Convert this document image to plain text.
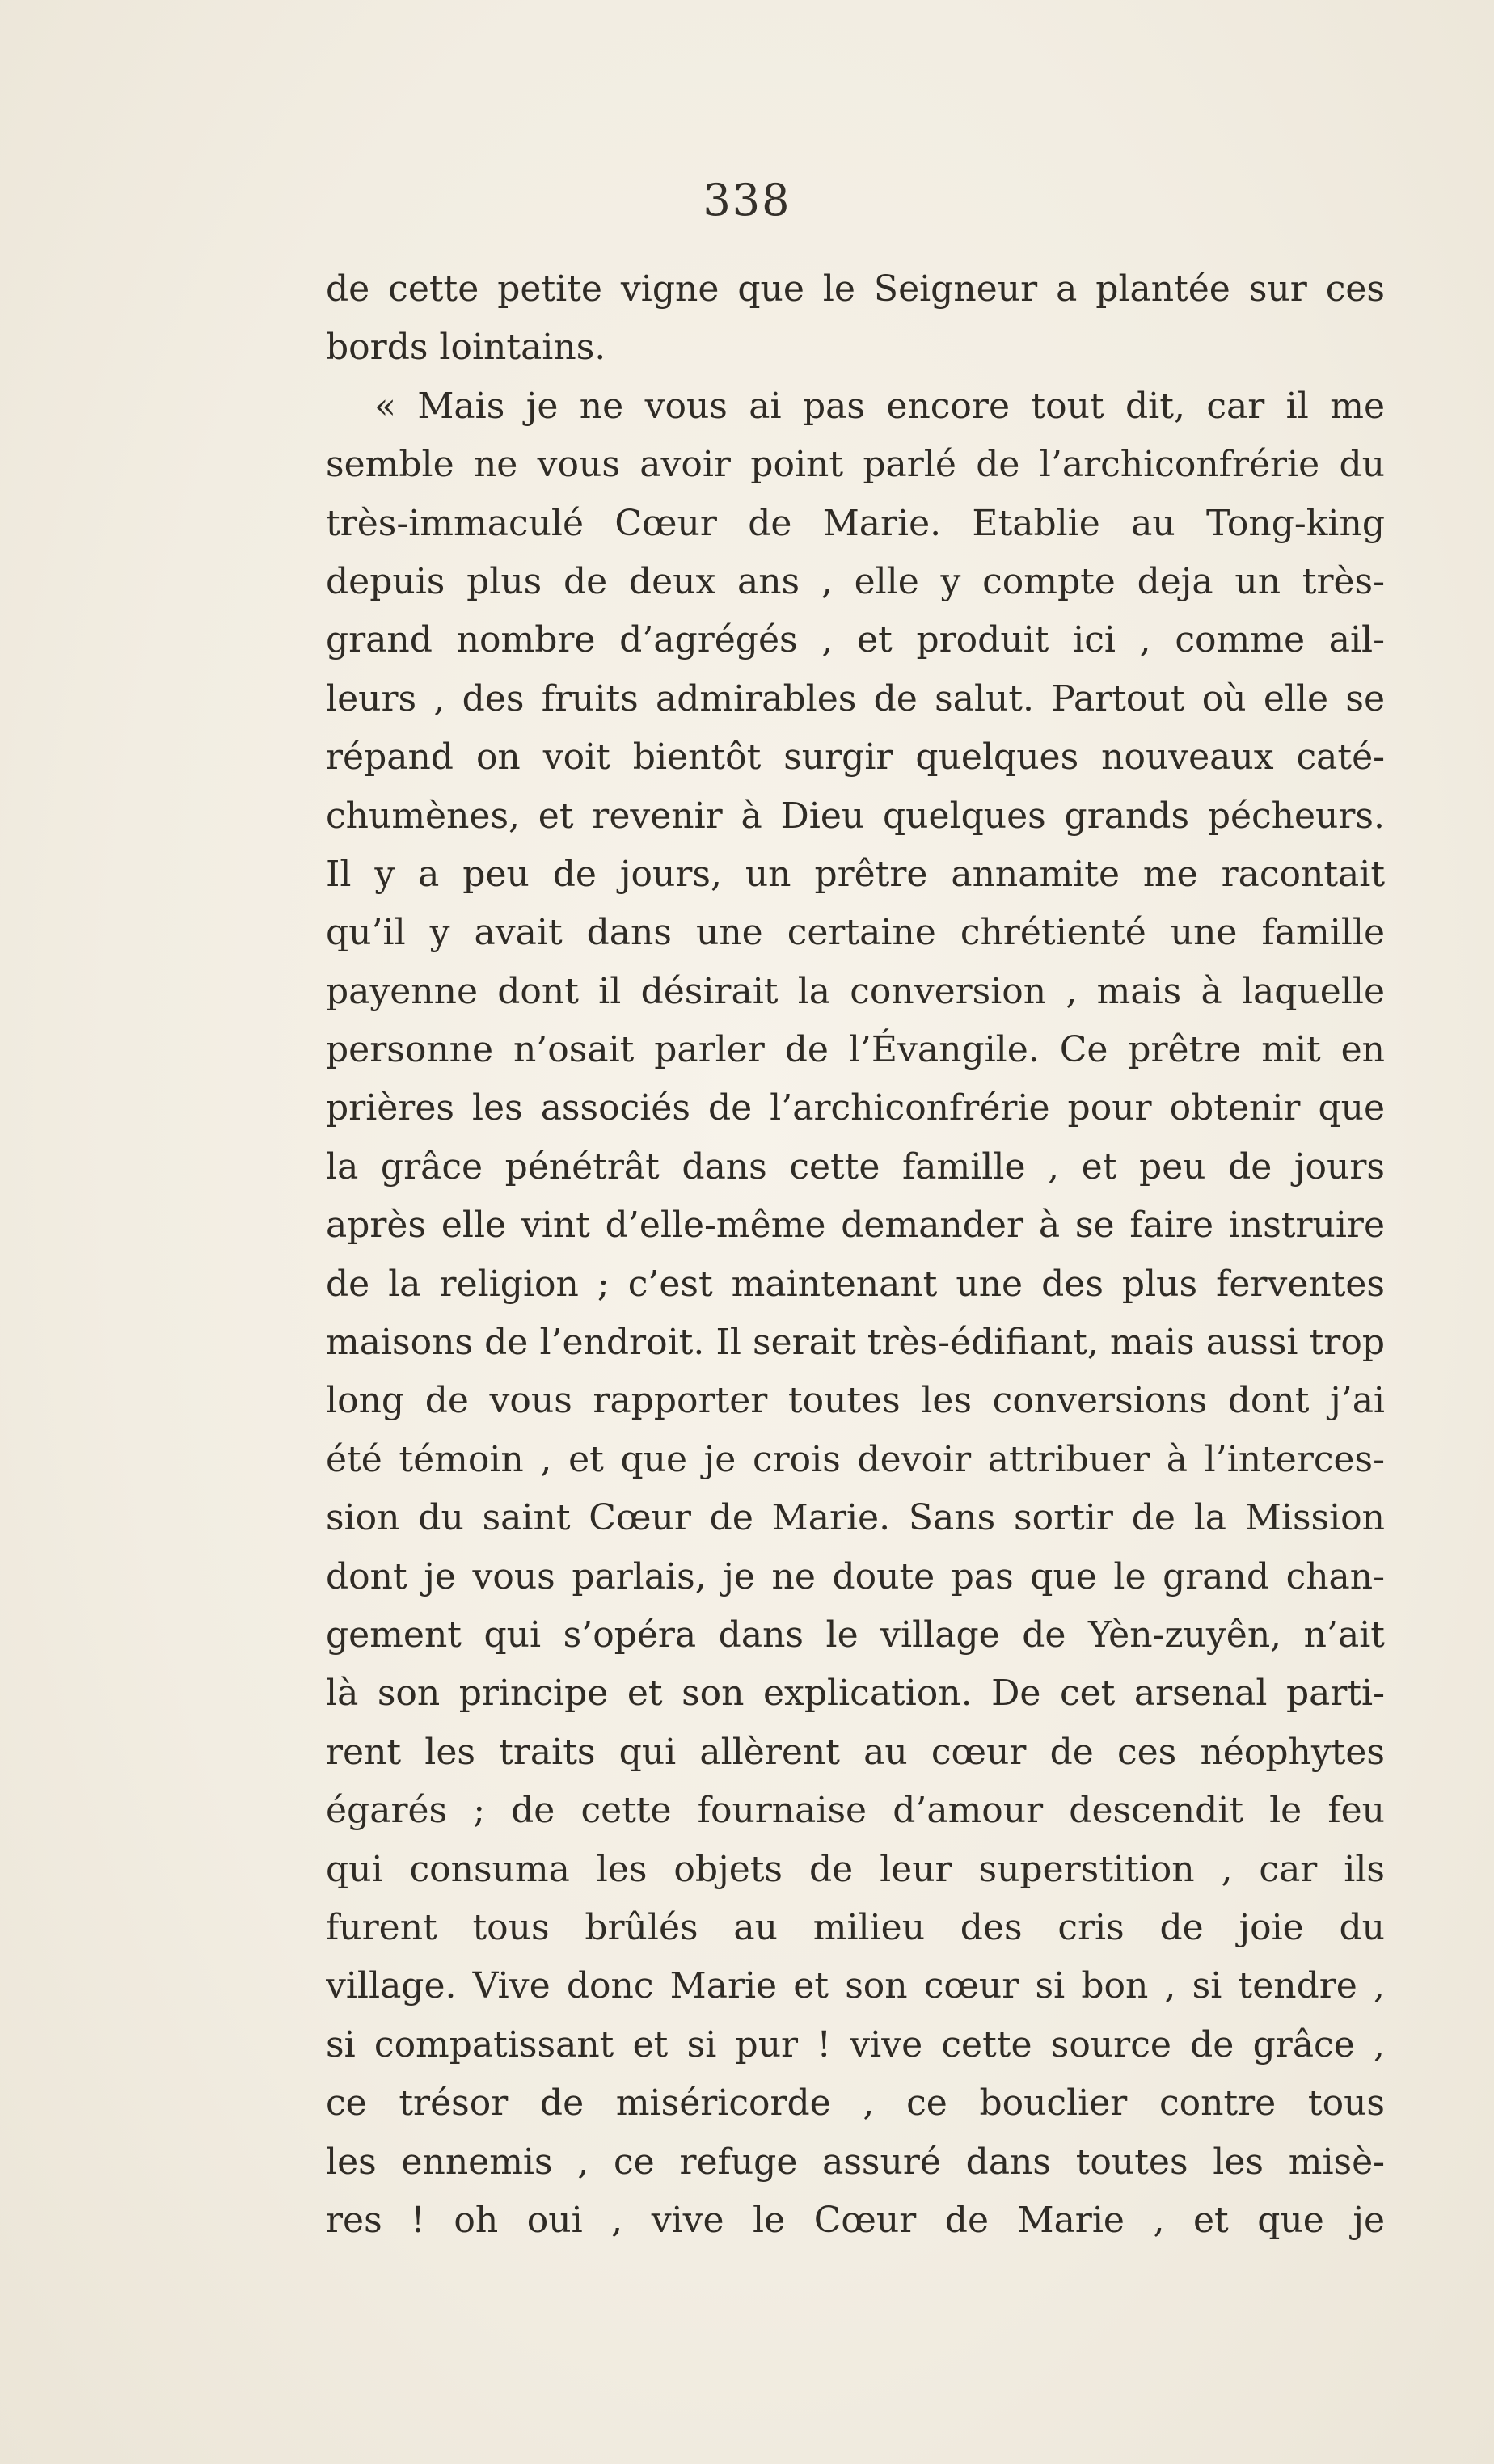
338
de cette petite vigne que le Seigneur a plantée sur ces
bords lointains.
« Mais je ne vous ai pas encore tout dit, car il me
semble ne vous avoir point parlé de l’archiconfrérie du
très-immaculé Cœur de Marie. Etablie au Tong-king
depuis plus de deux ans , elle y compte deja un très-
grand nombre d’agrégés , et produit ici , comme ail-
leurs , des fruits admirables de salut. Partout où elle se
répand on voit bientôt surgir quelques nouveaux caté-
chumènes, et revenir à Dieu quelques grands pécheurs.
Il y a peu de jours, un prêtre annamite me racontait
qu’il y avait dans une certaine chrétienté une famille
payenne dont il désirait la conversion , mais à laquelle
personne n’osait parler de l’Évangile. Ce prêtre mit en
prières les associés de l’archiconfrérie pour obtenir que
la grâce pénétrât dans cette famille , et peu de jours
après elle vint d’elle-même demander à se faire instruire
de la religion ; c’est maintenant une des plus ferventes
maisons de l’endroit. Il serait très-édifiant, mais aussi trop
long de vous rapporter toutes les conversions dont j’ai
été témoin , et que je crois devoir attribuer à l’interces-
sion du saint Cœur de Marie. Sans sortir de la Mission
dont je vous parlais, je ne doute pas que le grand chan-
gement qui s’opéra dans le village de Yèn-zuyên, n’ait
là son principe et son explication. De cet arsenal parti-
rent les traits qui allèrent au cœur de ces néophytes
égarés ; de cette fournaise d’amour descendit le feu
qui consuma les objets de leur superstition , car ils
furent tous brûlés au milieu des cris de joie du
village. Vive donc Marie et son cœur si bon , si tendre ,
si compatissant et si pur ! vive cette source de grâce ,
ce trésor de miséricorde , ce bouclier contre tous
les ennemis , ce refuge assuré dans toutes les misè-
res ! oh oui , vive le Cœur de Marie , et que je
